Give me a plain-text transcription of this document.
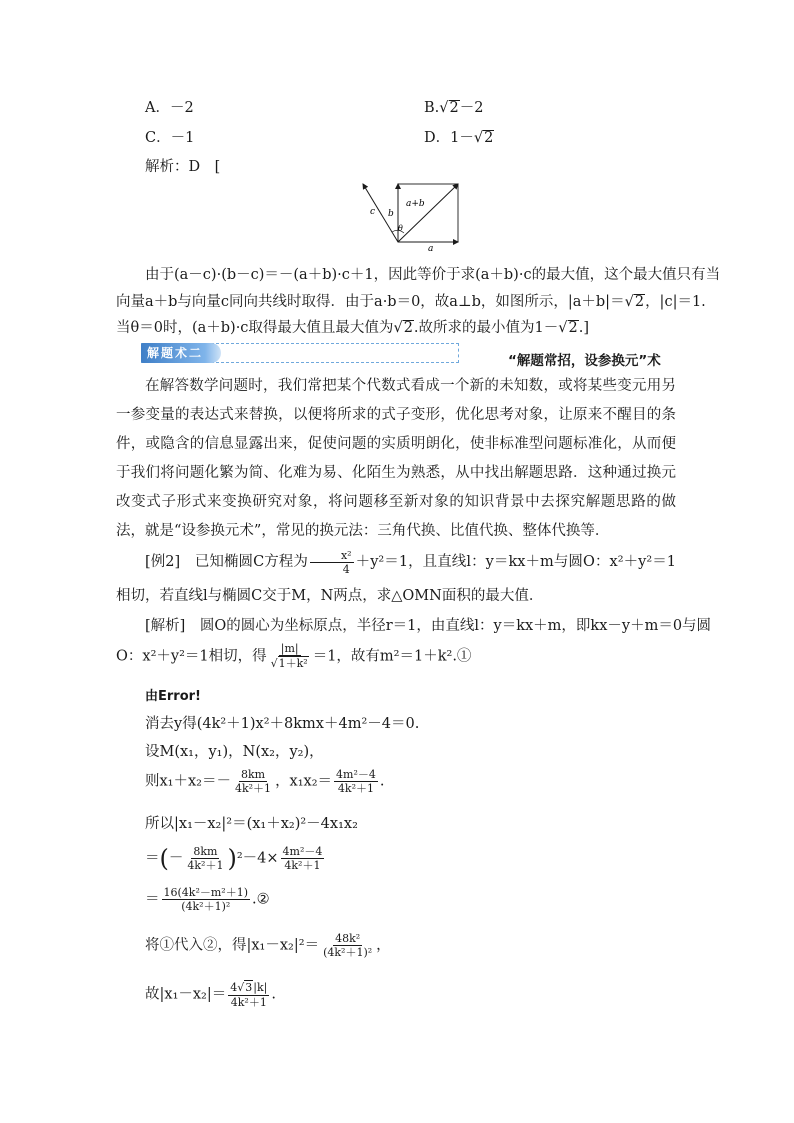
A．－2	B.√2－2
C．－1	D．1－√2
解析：D　[
c b
a+b
θ
a
由于(a－c)·(b－c)＝－(a＋b)·c＋1，因此等价于求(a＋b)·c的最大值，这个最大值只有当
向量a＋b与向量c同向共线时取得．由于a·b＝0，故a⊥b，如图所示，|a＋b|＝√2，|c|＝1.
当θ＝0时，(a＋b)·c取得最大值且最大值为√2.故所求的最小值为1－√2.]
解题术二	“解题常招，设参换元”术
在解答数学问题时，我们常把某个代数式看成一个新的未知数，或将某些变元用另一参变量的表达式来替换，以便将所求的式子变形，优化思考对象，让原来不醒目的条件，或隐含的信息显露出来，促使问题的实质明朗化，使非标准型问题标准化，从而便于我们将问题化繁为简、化难为易、化陌生为熟悉，从中找出解题思路．这种通过换元改变式子形式来变换研究对象，将问题移至新对象的知识背景中去探究解题思路的做法，就是“设参换元术”，常见的换元法：三角代换、比值代换、整体代换等．
[例2]　 已知椭圆C方程为 $\frac{\text{x²}}{4} +y^2=1$，且直线l：y＝kx＋m与圆O：x²＋y²＝1相切，若直线l与椭圆C交于M，N两点，求△OMN面积的最大值．
[解析]　 圆O的圆心为坐标原点，半径r＝1，由直线l：y＝kx＋m，即kx－y＋m＝0与圆
O：x²＋y²＝1相切，得 $\frac{|m|}{\text{√1＋k²}} =1$，故有m²＝1＋k².①
由Error!
消去y得(4k²＋1)x²＋8kmx＋4m²－4＝0.
设M(x₁，y₁)，N(x₂，y₂)，
则$x_1+x_2=- \frac{8km}{\text{4k²＋1}}$ ，$x_1x_2= \frac{\text{4m²－4}}{\text{4k²＋1}}$ .
所以|x₁－x₂|²＝(x₁＋x₂)²－4x₁x₂
＝(－ $\frac{8km}{\text{4k²＋1}} )^2-4\times \frac{\text{4m²－4}}{\text{4k²＋1}}$
＝ $\frac{\text{16(4k²－m²＋1)}}{\text{(4k²＋1)²}}$ .②
将①代入②，得$|x_1-x_2|^2= \frac{\text{48k²}}{\text{(4k²＋1)²}}$ ，
故$|x_1-x_2|= \frac{4√3|k|}{\text{4k²＋1}}$ .
